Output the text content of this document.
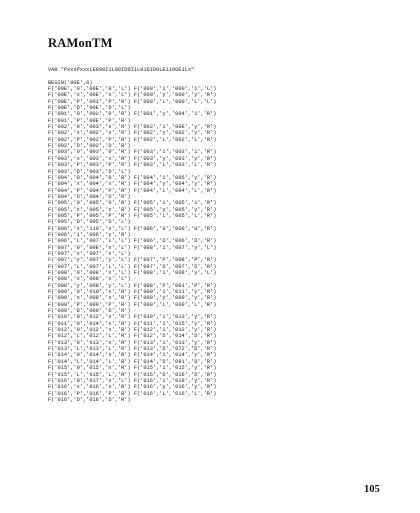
RAMonTM
VAR "PxxxPxxxLE800I1L00ID0I1L010ID0LE110OE1Lx"
BEGIN('00E',0)
F('00E','0','00E','0','L') F('000','1','000','1','L')
F('00E','x','00E','x','L') F('000','y','000','y','R')
F('00E','P','001','P','R') F('000','L','000','L','L')
F('00E','D','00E','D','L')
F('001','0','002','0','R') F('001','y','004','1','R')
F('001','P','00E','P','R')
F('002','0','003','x','R') F('002','1','00E','y','R')
F('002','x','002','x','R') F('002','y','002','y','R')
F('002','P','002','P','R') F('002','L','002','L','R')
F('002','D','002','D','R')
F('003','0','003','0','R') F('003','1','003','1','R')
F('003','x','003','x','R') F('003','y','003','y','R')
F('003','P','003','P','R') F('003','L','003','L','R')
F('003','D','003','D','L')
F('004','0','004','0','R') F('004','1','005','y','R')
F('004','x','004','x','R') F('004','y','004','y','R')
F('004','P','004','P','R') F('004','L','004','L','R')
F('004','D','004','D','R')
F('005','0','005','0','R') F('005','1','005','1','R')
F('005','x','005','x','R') F('005','y','005','y','R')
F('005','P','005','P','R') F('005','L','005','L','R')
F('005','D','005','D','L')
F('006','x','119','x','L') F('006','0','006','0','R')
F('006','1','006','y','R')
F('006','L','007','L','L') F('006','D','006','D','R')
F('007','0','00E','x','L') F('008','1','007','y','L')
F('007','x','007','x','L')
F('007','y','007','y','L') F('007','P','008','P','R')
F('007','L','007','L','L') F('007','D','007','D','R')
F('008','0','008','x','L') F('008','1','008','y','L')
F('008','x','008','x','L')
F('008','y','008','y','L') F('008','P','001','P','R')
F('009','0','010','x','R') F('009','1','011','y','R')
F('009','x','009','x','R') F('009','y','009','y','R')
F('009','P','009','P','R') F('009','L','009','L','R')
F('009','D','009','D','R')
F('010','0','012','x','R') F('010','1','013','y','R')
F('011','0','014','x','R') F('011','1','015','y','R')
F('012','0','012','x','R') F('012','1','012','y','R')
F('012','L','012','L','R') F('012','D','014','D','R')
F('013','0','013','x','R') F('013','1','013','y','R')
F('013','L','013','L','R') F('013','D','072','D','R')
F('014','0','014','x','R') F('014','1','014','y','R')
F('014','L','014','L','R') F('014','D','091','D','R')
F('015','0','015','x','R') F('015','1','015','y','R')
F('015','L','015','L','R') F('015','D','016','D','R')
F('016','0','017','x','L') F('016','1','019','y','R')
F('016','x','016','x','R') F('016','y','016','y','R')
F('016','P','016','P','R') F('016','L','016','L','R')
F('016','D','016','D','R')
105
